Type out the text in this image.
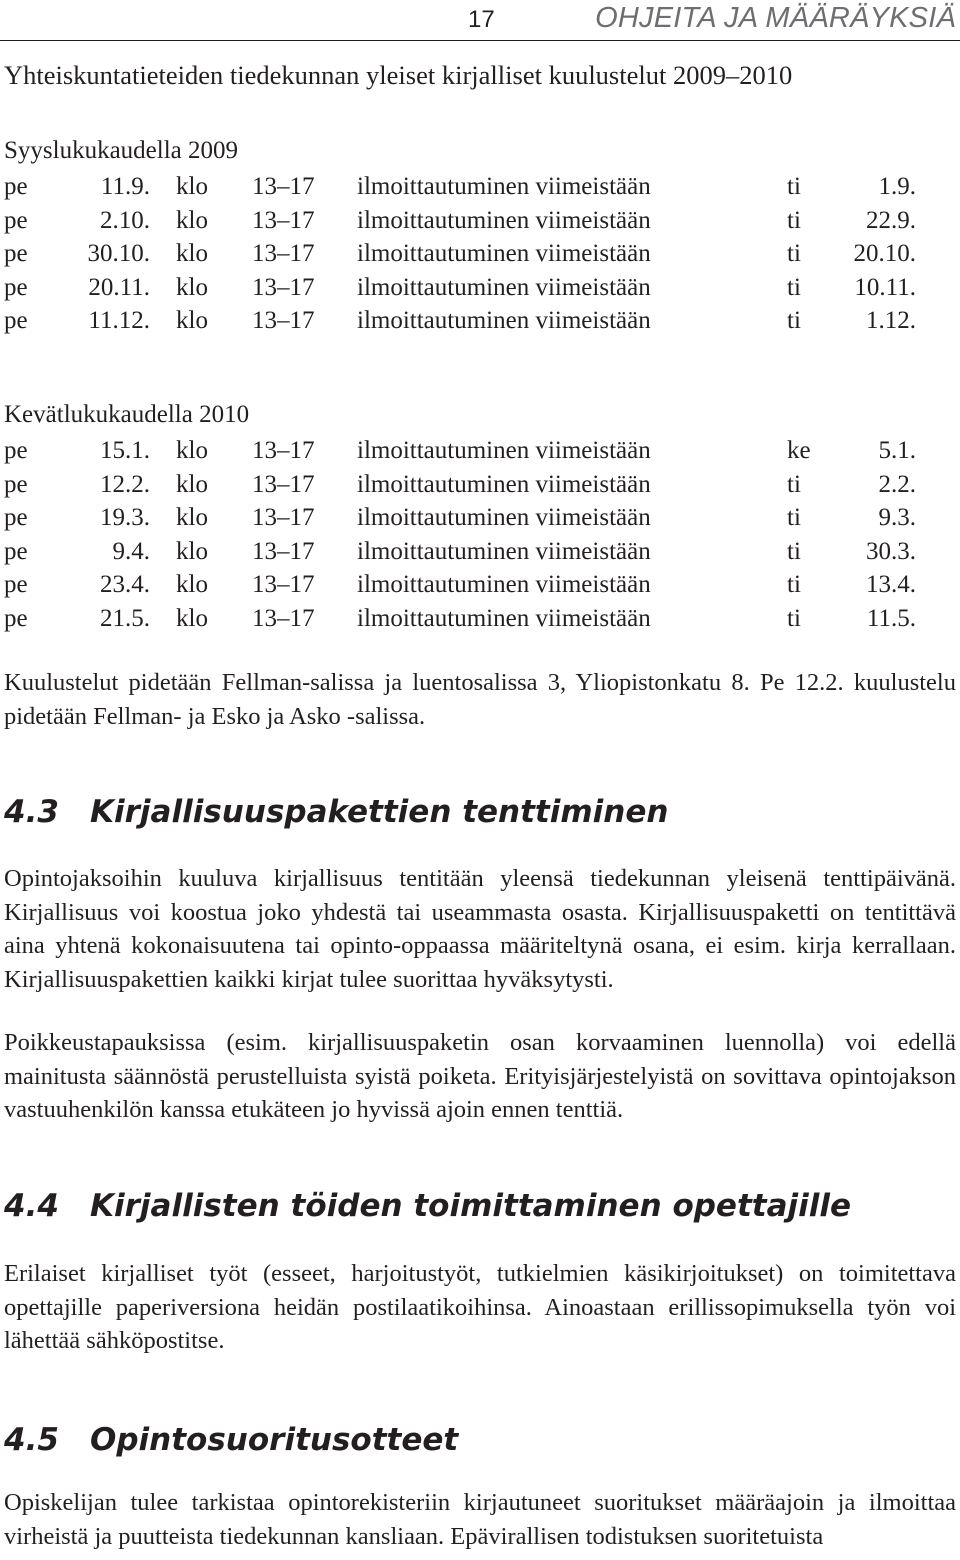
17	OHJEITA JA MÄÄRÄYKSIÄ
Yhteiskuntatieteiden tiedekunnan yleiset kirjalliset kuulustelut 2009–2010
Syyslukukaudella 2009
pe	11.9. klo 13–17 ilmoittautuminen viimeistään	ti	1.9.
pe	2.10. klo 13–17 ilmoittautuminen viimeistään	ti	22.9.
pe 30.10. klo 13–17 ilmoittautuminen viimeistään	ti 20.10.
pe 20.11. klo 13–17 ilmoittautuminen viimeistään	ti 10.11.
pe 11.12. klo 13–17 ilmoittautuminen viimeistään	ti	1.12.
Kevätlukukaudella 2010
pe	15.1. klo 13–17 ilmoittautuminen viimeistään	ke	5.1.
pe	12.2. klo 13–17 ilmoittautuminen viimeistään	ti	2.2.
pe	19.3. klo 13–17 ilmoittautuminen viimeistään	ti	9.3.
pe	9.4. klo 13–17 ilmoittautuminen viimeistään	ti	30.3.
pe	23.4. klo 13–17 ilmoittautuminen viimeistään	ti	13.4.
pe	21.5. klo 13–17 ilmoittautuminen viimeistään	ti	11.5.

Kuulustelut pidetään Fellman-salissa ja luentosalissa 3, Yliopistonkatu 8. Pe 12.2. kuulustelu pidetään Fellman- ja Esko ja Asko -salissa.

4.3 Kirjallisuuspakettien tenttiminen

Opintojaksoihin kuuluva kirjallisuus tentitään yleensä tiedekunnan yleisenä tenttipäivänä. Kirjallisuus voi koostua joko yhdestä tai useammasta osasta. Kirjallisuuspaketti on tentittävä aina yhtenä kokonaisuutena tai opinto-oppaassa määriteltynä osana, ei esim. kirja kerrallaan. Kirjallisuuspakettien kaikki kirjat tulee suorittaa hyväksytysti.

Poikkeustapauksissa (esim. kirjallisuuspaketin osan korvaaminen luennolla) voi edellä mainitusta säännöstä perustelluista syistä poiketa. Erityisjärjestelyistä on sovittava opintojakson vastuuhenkilön kanssa etukäteen jo hyvissä ajoin ennen tenttiä.

4.4 Kirjallisten töiden toimittaminen opettajille

Erilaiset kirjalliset työt (esseet, harjoitustyöt, tutkielmien käsikirjoitukset) on toimitettava opettajille paperiversiona heidän postilaatikoihinsa. Ainoastaan erillissopimuksella työn voi lähettää sähköpostitse.

4.5 Opintosuoritusotteet

Opiskelijan tulee tarkistaa opintorekisteriin kirjautuneet suoritukset määräajoin ja ilmoittaa virheistä ja puutteista tiedekunnan kansliaan. Epävirallisen todistuksen suoritetuista
